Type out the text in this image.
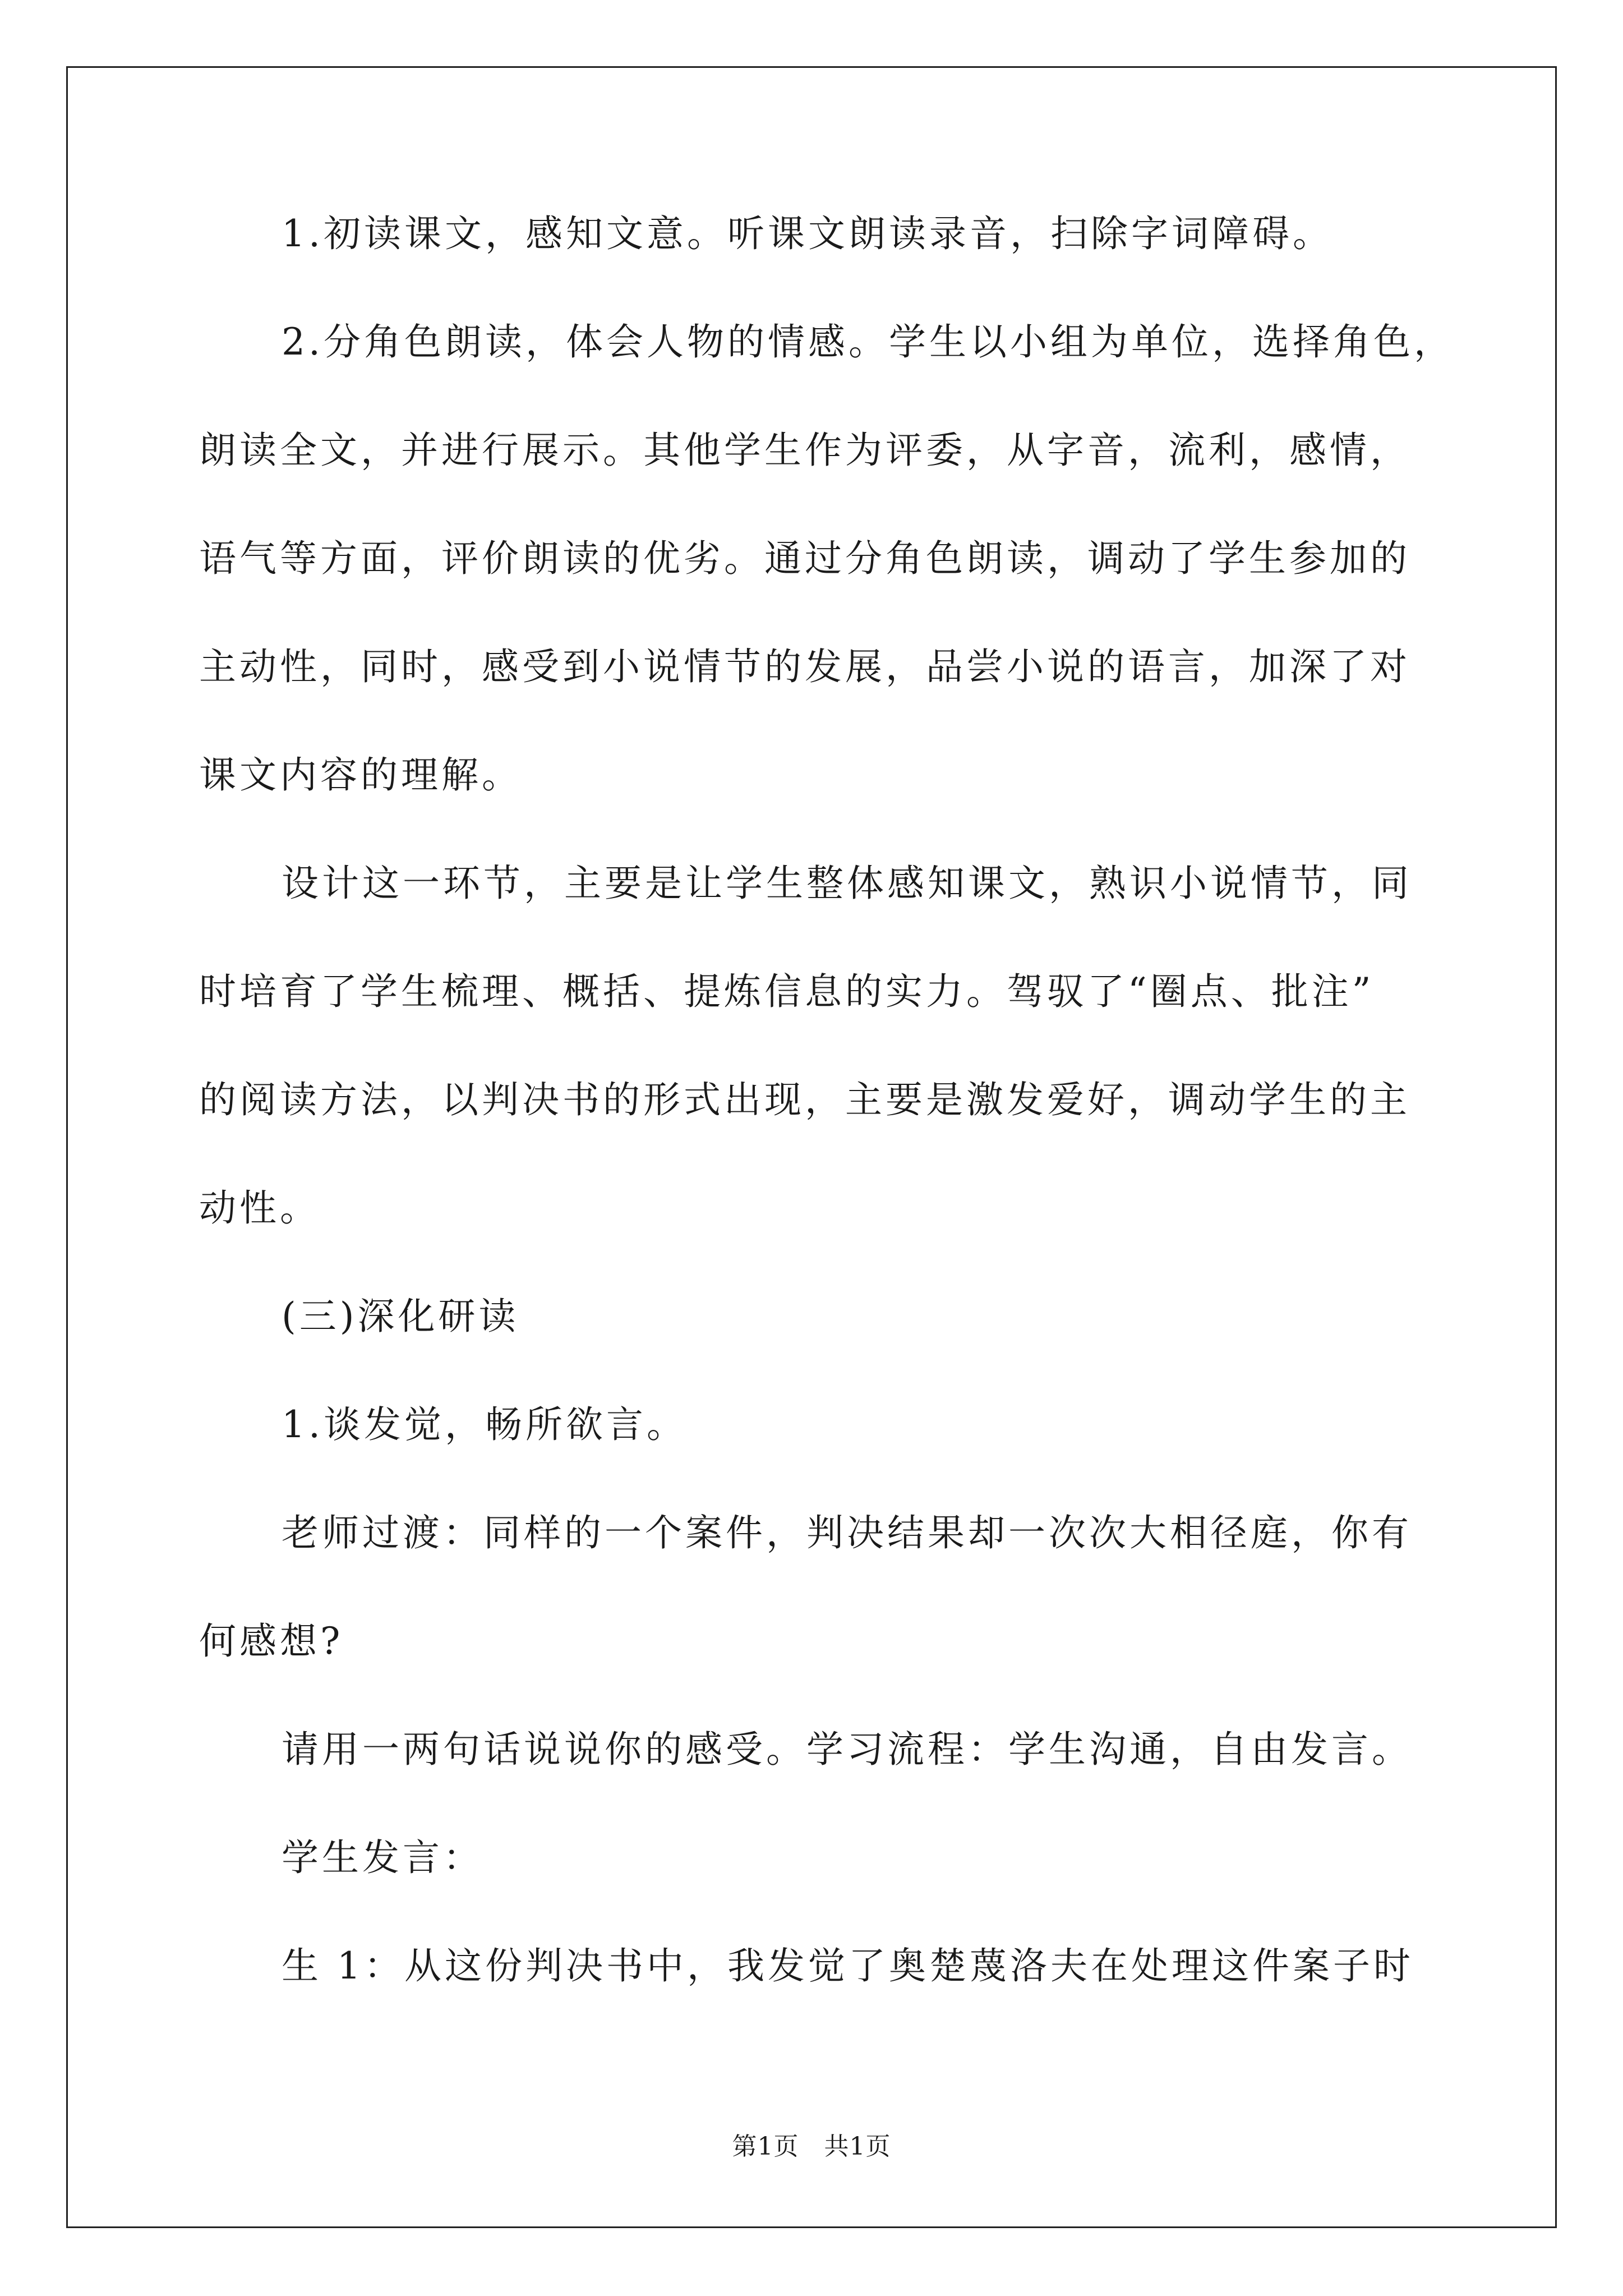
1.初读课文，感知文意。听课文朗读录音，扫除字词障碍。
2.分角色朗读，体会人物的情感。学生以小组为单位，选择角色，
朗读全文，并进行展示。其他学生作为评委，从字音，流利，感情，
语气等方面，评价朗读的优劣。通过分角色朗读，调动了学生参加的
主动性，同时，感受到小说情节的发展，品尝小说的语言，加深了对
课文内容的理解。
设计这一环节，主要是让学生整体感知课文，熟识小说情节，同
时培育了学生梳理、概括、提炼信息的实力。驾驭了“圈点、批注”
的阅读方法，以判决书的形式出现，主要是激发爱好，调动学生的主
动性。
(三)深化研读
1.谈发觉，畅所欲言。
老师过渡：同样的一个案件，判决结果却一次次大相径庭，你有
何感想?
请用一两句话说说你的感受。学习流程：学生沟通，自由发言。
学生发言：
生 1：从这份判决书中，我发觉了奥楚蔑洛夫在处理这件案子时
第1页   共1页
